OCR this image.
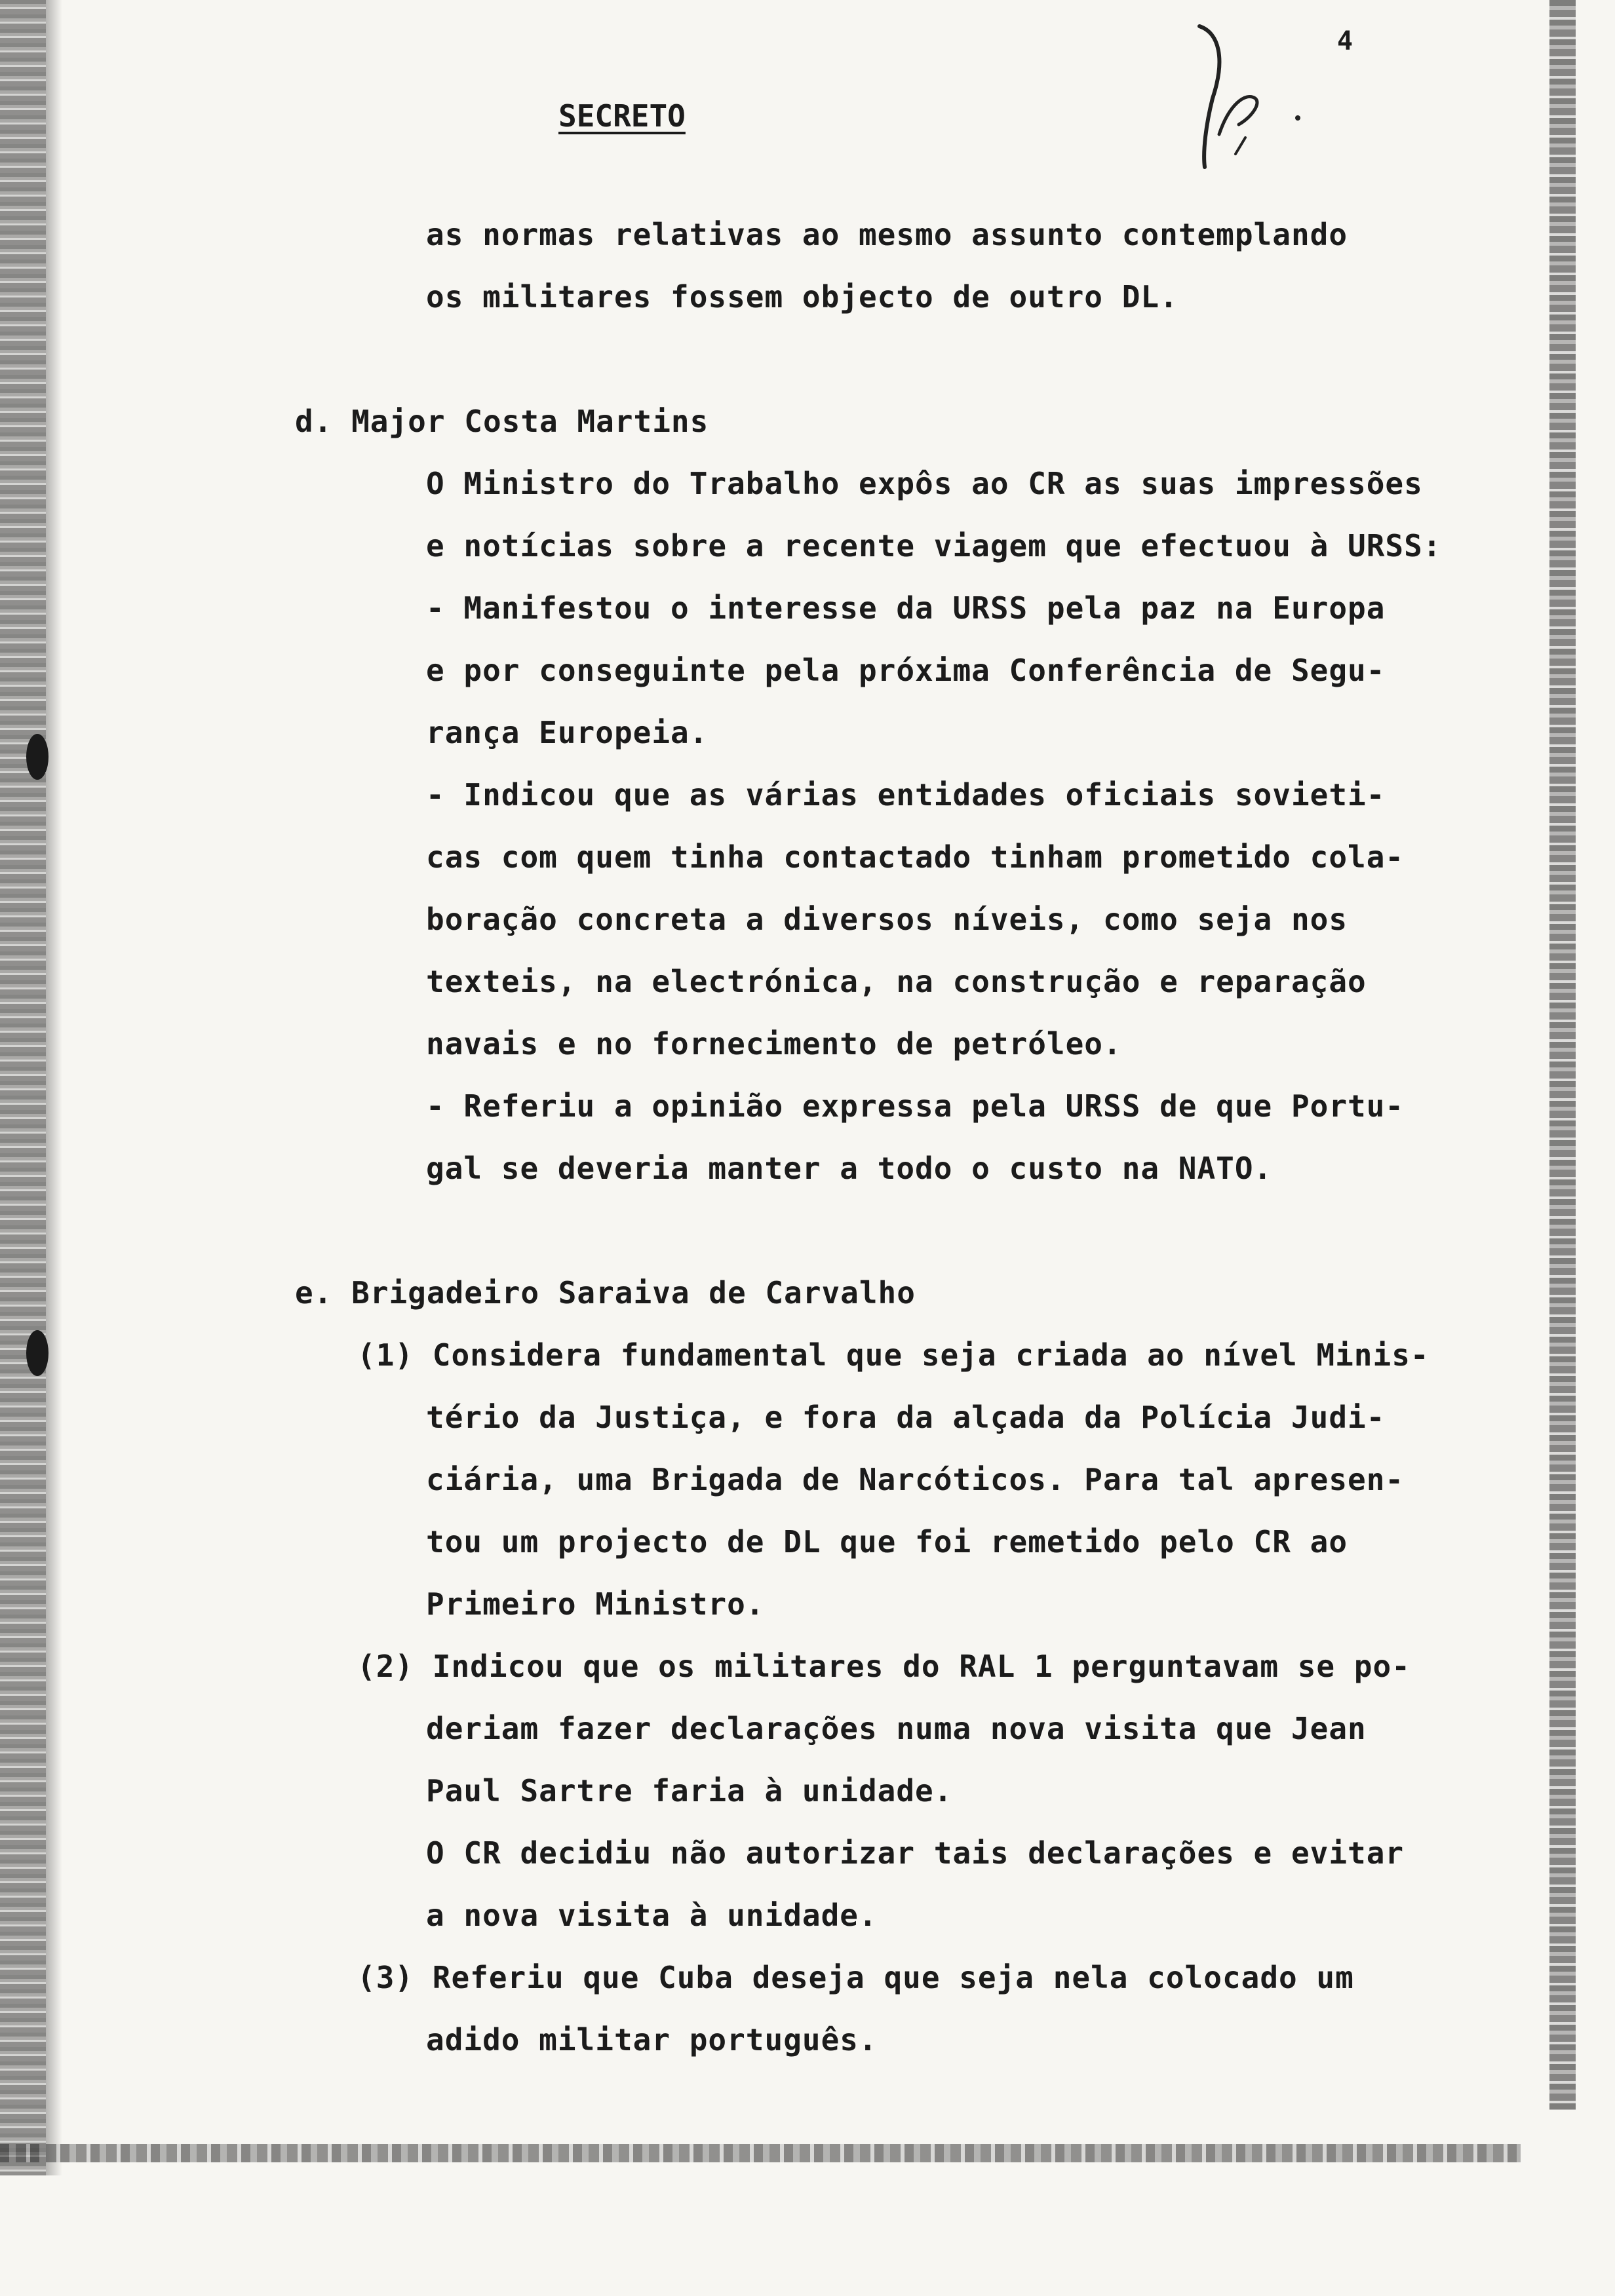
4
SECRETO
as normas relativas ao mesmo assunto contemplando
os militares fossem objecto de outro DL.
d. Major Costa Martins
O Ministro do Trabalho expôs ao CR as suas impressões
e notícias sobre a recente viagem que efectuou à URSS:
- Manifestou o interesse da URSS pela paz na Europa
e por conseguinte pela próxima Conferência de Segu-
rança Europeia.
- Indicou que as várias entidades oficiais sovieti-
cas com quem tinha contactado tinham prometido cola-
boração concreta a diversos níveis, como seja nos
texteis, na electrónica, na construção e reparação
navais e no fornecimento de petróleo.
- Referiu a opinião expressa pela URSS de que Portu-
gal se deveria manter a todo o custo na NATO.
e. Brigadeiro Saraiva de Carvalho
(1) Considera fundamental que seja criada ao nível Minis-
tério da Justiça, e fora da alçada da Polícia Judi-
ciária, uma Brigada de Narcóticos. Para tal apresen-
tou um projecto de DL que foi remetido pelo CR ao
Primeiro Ministro.
(2) Indicou que os militares do RAL 1 perguntavam se po-
deriam fazer declarações numa nova visita que Jean
Paul Sartre faria à unidade.
O CR decidiu não autorizar tais declarações e evitar
a nova visita à unidade.
(3) Referiu que Cuba deseja que seja nela colocado um
adido militar português.
